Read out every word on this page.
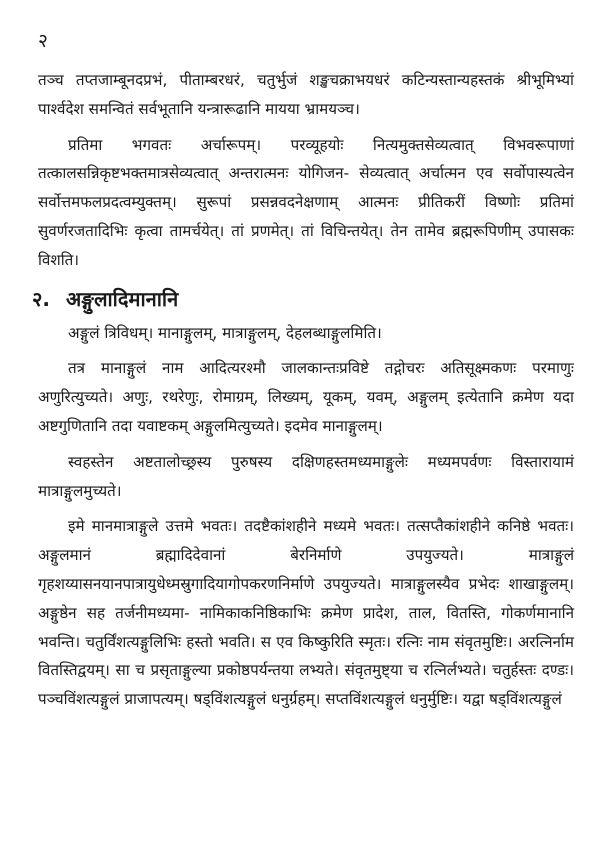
२
तञ्च तप्तजाम्बूनदप्रभं, पीताम्बरधरं, चतुर्भुजं शङ्खचक्राभयधरं कटिन्यस्तान्यहस्तकं श्रीभूमिभ्यां पार्श्वदेश समन्वितं सर्वभूतानि यन्त्रारूढानि मायया भ्रामयञ्च।
प्रतिमा भगवतः अर्चारूपम्। परव्यूहयोः नित्यमुक्तसेव्यत्वात् विभवरूपाणां तत्कालसन्निकृष्टभक्तमात्रसेव्यत्वात् अन्तरात्मनः योगिजन- सेव्यत्वात् अर्चात्मन एव सर्वोपास्यत्वेन सर्वोत्तमफलप्रदत्वम्युक्तम्। सुरूपां प्रसन्नवदनेक्षणाम् आत्मनः प्रीतिकरीं विष्णोः प्रतिमां सुवर्णरजतादिभिः कृत्वा तामर्चयेत्। तां प्रणमेत्। तां विचिन्तयेत्। तेन तामेव ब्रह्मरूपिणीम् उपासकः विशति।
२. अङ्गुलादिमानानि
अङ्गुलं त्रिविधम्। मानाङ्गुलम्, मात्राङ्गुलम्, देहलब्धाङ्गुलमिति।
तत्र मानाङ्गुलं नाम आदित्यरश्मौ जालकान्तःप्रविष्टे तद्गोचरः अतिसूक्ष्मकणः परमाणुः अणुरित्युच्यते। अणुः, रथरेणुः, रोमाग्रम्, लिख्यम्, यूकम्, यवम्, अङ्गुलम् इत्येतानि क्रमेण यदा अष्टगुणितानि तदा यवाष्टकम् अङ्गुलमित्युच्यते। इदमेव मानाङ्गुलम्।
स्वहस्तेन अष्टतालोच्छ्रस्य पुरुषस्य दक्षिणहस्तमध्यमाङ्गुलेः मध्यमपर्वणः विस्तारायामं मात्राङ्गुलमुच्यते।
इमे मानमात्राङ्गुले उत्तमे भवतः। तदष्टैकांशहीने मध्यमे भवतः। तत्सप्तैकांशहीने कनिष्ठे भवतः। अङ्गुलमानं ब्रह्मादिदेवानां बेरनिर्माणे उपयुज्यते। मात्राङ्गुलं गृहशय्यासनयानपात्रायुधेध्मस्रुगादियागोपकरणनिर्माणे उपयुज्यते। मात्राङ्गुलस्यैव प्रभेदः शाखाङ्गुलम्। अङ्गुष्ठेन सह तर्जनीमध्यमा- नामिकाकनिष्ठिकाभिः क्रमेण प्रादेश, ताल, वितस्ति, गोकर्णमानानि भवन्ति। चतुर्विंशत्यङ्गुलिभिः हस्तो भवति। स एव किष्कुरिति स्मृतः। रत्निः नाम संवृतमुष्टिः। अरत्निर्नाम वितस्तिद्वयम्। सा च प्रसृताङ्गुल्या प्रकोष्ठपर्यन्तया लभ्यते। संवृतमुष्ट्या च रत्निर्लभ्यते। चतुर्हस्तः दण्डः। पञ्चविंशत्यङ्गुलं प्राजापत्यम्। षड्विंशत्यङ्गुलं धनुर्ग्रहम्। सप्तविंशत्यङ्गुलं धनुर्मुष्टिः। यद्वा षड्विंशत्यङ्गुलं
